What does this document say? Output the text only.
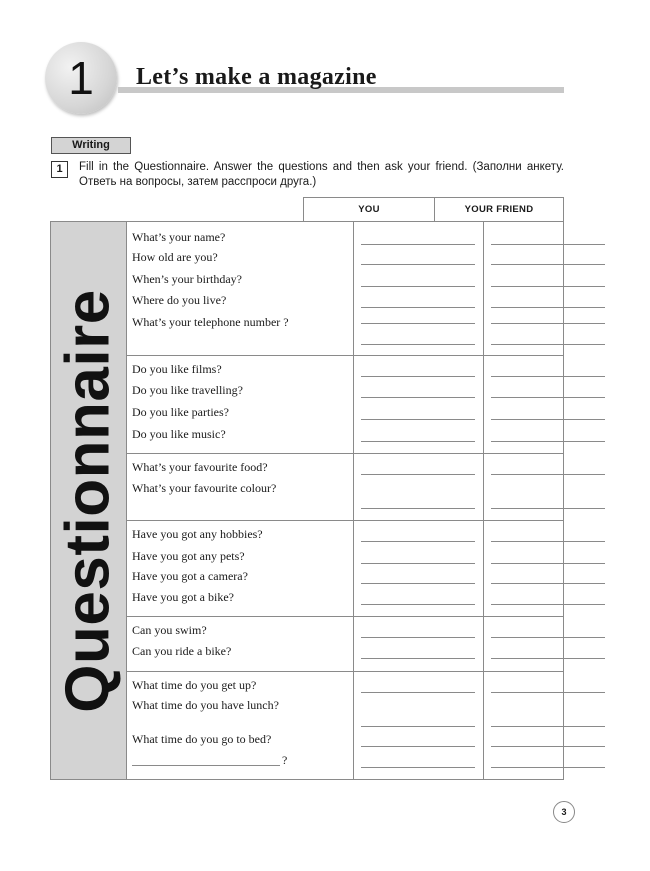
1 Let’s make a magazine
Writing
1	Fill in the Questionnaire. Answer the questions and then ask your friend. (Заполни анкету. Ответь на вопросы, затем расспроси друга.)
YOU	YOUR FRIEND
Questionnaire
What’s your name?
How old are you?
When’s your birthday?
Where do you live?
What’s your telephone number ?
Do you like films?
Do you like travelling?
Do you like parties?
Do you like music?
What’s your favourite food?
What’s your favourite colour?
Have you got any hobbies?
Have you got any pets?
Have you got a camera?
Have you got a bike?
Can you swim?
Can you ride a bike?
What time do you get up?
What time do you have lunch?
What time do you go to bed?
?
3
